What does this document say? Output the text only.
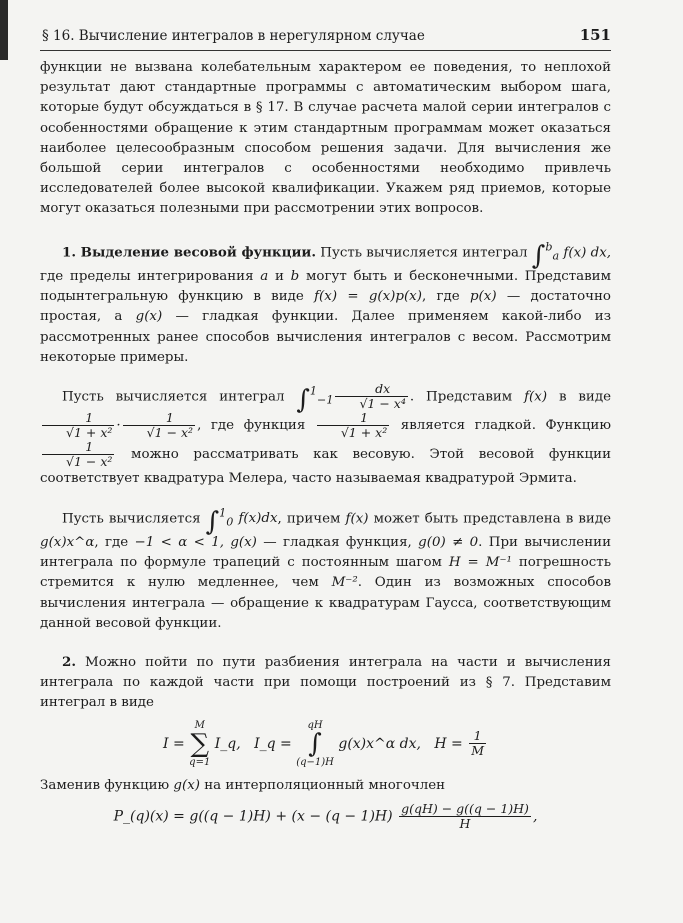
§ 16. Вычисление интегралов в нерегулярном случае	151

функции не вызвана колебательным характером ее поведения, то неплохой результат дают стандартные программы с автоматическим выбором шага, которые будут обсуждаться в § 17. В случае расчета малой серии интегралов с особенностями обращение к этим стандартным программам может оказаться наиболее целесообразным способом решения задачи. Для вычисления же большой серии интегралов с особенностями необходимо привлечь исследователей более высокой квалификации. Укажем ряд приемов, которые могут оказаться полезными при рассмотрении этих вопросов.

1. Выделение весовой функции. Пусть вычисляется интеграл ∫$^b_a$ f(x) dx, где пределы интегрирования a и b могут быть и бесконечными. Представим подынтегральную функцию в виде f(x) = g(x)p(x), где p(x) — достаточно простая, а g(x) — гладкая функции. Далее применяем какой-либо из рассмотренных ранее способов вычисления интегралов с весом. Рассмотрим некоторые примеры.

Пусть вычисляется интеграл $\int^1_{-1} \frac{dx}{\text{√1 − x⁴}}$ . Представим f(x) в виде
$\frac{1}{\text{√1 + x²}} \cdot \frac{1}{\text{√1 − x²}}$ , где функция $\frac{1}{\text{√1 + x²}}$ является гладкой. Функцию
$\frac{1}{\text{√1 − x²}}$ можно рассматривать как весовую. Этой весовой функции соответствует квадратура Мелера, часто называемая квадратурой Эрмита.

Пусть вычисляется ∫$^1_0$ f(x)dx, причем f(x) может быть представлена в виде g(x)x^α, где −1 < α < 1, g(x) — гладкая функция, g(0) ≠ 0. При вычислении интеграла по формуле трапеций с постоянным шагом H = M⁻¹ погрешность стремится к нулю медленнее, чем M⁻². Один из возможных способов вычисления интеграла — обращение к квадратурам Гаусса, соответствующим данной весовой функции.

2. Можно пойти по пути разбиения интеграла на части и вычисления интеграла по каждой части при помощи построений из § 7. Представим интеграл в виде

I = M
∑
q=1 I_q, I_q = qH
∫
(q−1)H g(x)x^α dx, $H = \frac{1}{M}$

Заменив функцию g(x) на интерполяционный многочлен

P_(q)(x) = $g((q - 1)H) + (x - (q - 1)H) \frac{g(qH) - g((q - 1)H)}{H}$ ,
